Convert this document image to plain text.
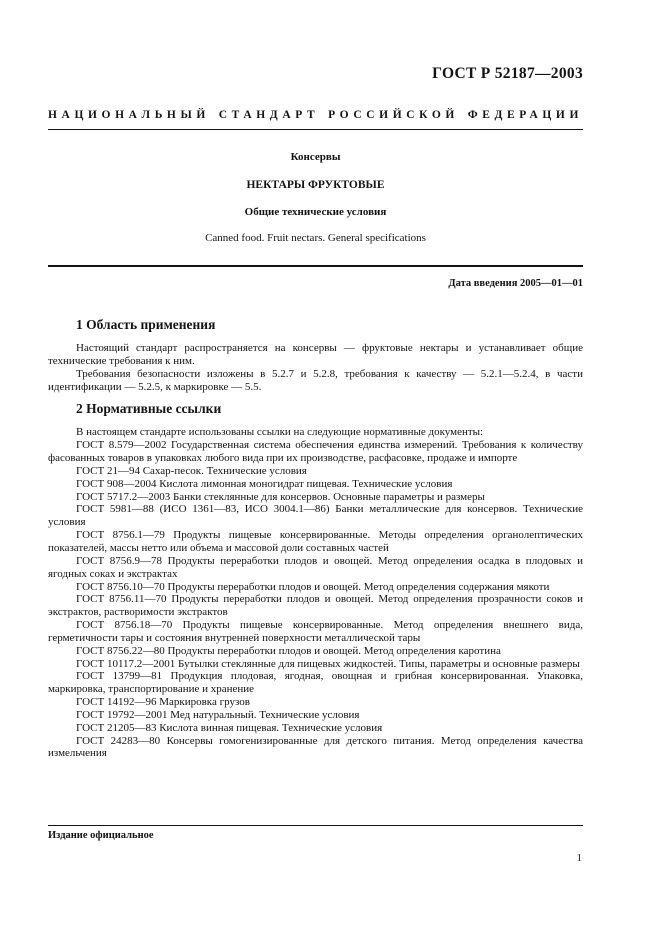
ГОСТ Р 52187—2003
НАЦИОНАЛЬНЫЙ СТАНДАРТ РОССИЙСКОЙ ФЕДЕРАЦИИ
Консервы
НЕКТАРЫ ФРУКТОВЫЕ
Общие технические условия
Canned food. Fruit nectars. General specifications
Дата введения 2005—01—01
1 Область применения

Настоящий стандарт распространяется на консервы — фруктовые нектары и устанавливает общие технические требования к ним.

Требования безопасности изложены в 5.2.7 и 5.2.8, требования к качеству — 5.2.1—5.2.4, в части идентификации — 5.2.5, к маркировке — 5.5.

2 Нормативные ссылки

В настоящем стандарте использованы ссылки на следующие нормативные документы:

ГОСТ 8.579—2002 Государственная система обеспечения единства измерений. Требования к количеству фасованных товаров в упаковках любого вида при их производстве, расфасовке, продаже и импорте

ГОСТ 21—94 Сахар-песок. Технические условия

ГОСТ 908—2004 Кислота лимонная моногидрат пищевая. Технические условия

ГОСТ 5717.2—2003 Банки стеклянные для консервов. Основные параметры и размеры

ГОСТ 5981—88 (ИСО 1361—83, ИСО 3004.1—86) Банки металлические для консервов. Технические условия

ГОСТ 8756.1—79 Продукты пищевые консервированные. Методы определения органолептических показателей, массы нетто или объема и массовой доли составных частей

ГОСТ 8756.9—78 Продукты переработки плодов и овощей. Метод определения осадка в плодовых и ягодных соках и экстрактах

ГОСТ 8756.10—70 Продукты переработки плодов и овощей. Метод определения содержания мякоти

ГОСТ 8756.11—70 Продукты переработки плодов и овощей. Метод определения прозрачности соков и экстрактов, растворимости экстрактов

ГОСТ 8756.18—70 Продукты пищевые консервированные. Метод определения внешнего вида, герметичности тары и состояния внутренней поверхности металлической тары

ГОСТ 8756.22—80 Продукты переработки плодов и овощей. Метод определения каротина

ГОСТ 10117.2—2001 Бутылки стеклянные для пищевых жидкостей. Типы, параметры и основные размеры

ГОСТ 13799—81 Продукция плодовая, ягодная, овощная и грибная консервированная. Упаковка, маркировка, транспортирование и хранение

ГОСТ 14192—96 Маркировка грузов

ГОСТ 19792—2001 Мед натуральный. Технические условия

ГОСТ 21205—83 Кислота винная пищевая. Технические условия

ГОСТ 24283—80 Консервы гомогенизированные для детского питания. Метод определения качества измельчения

Издание официальное
1
